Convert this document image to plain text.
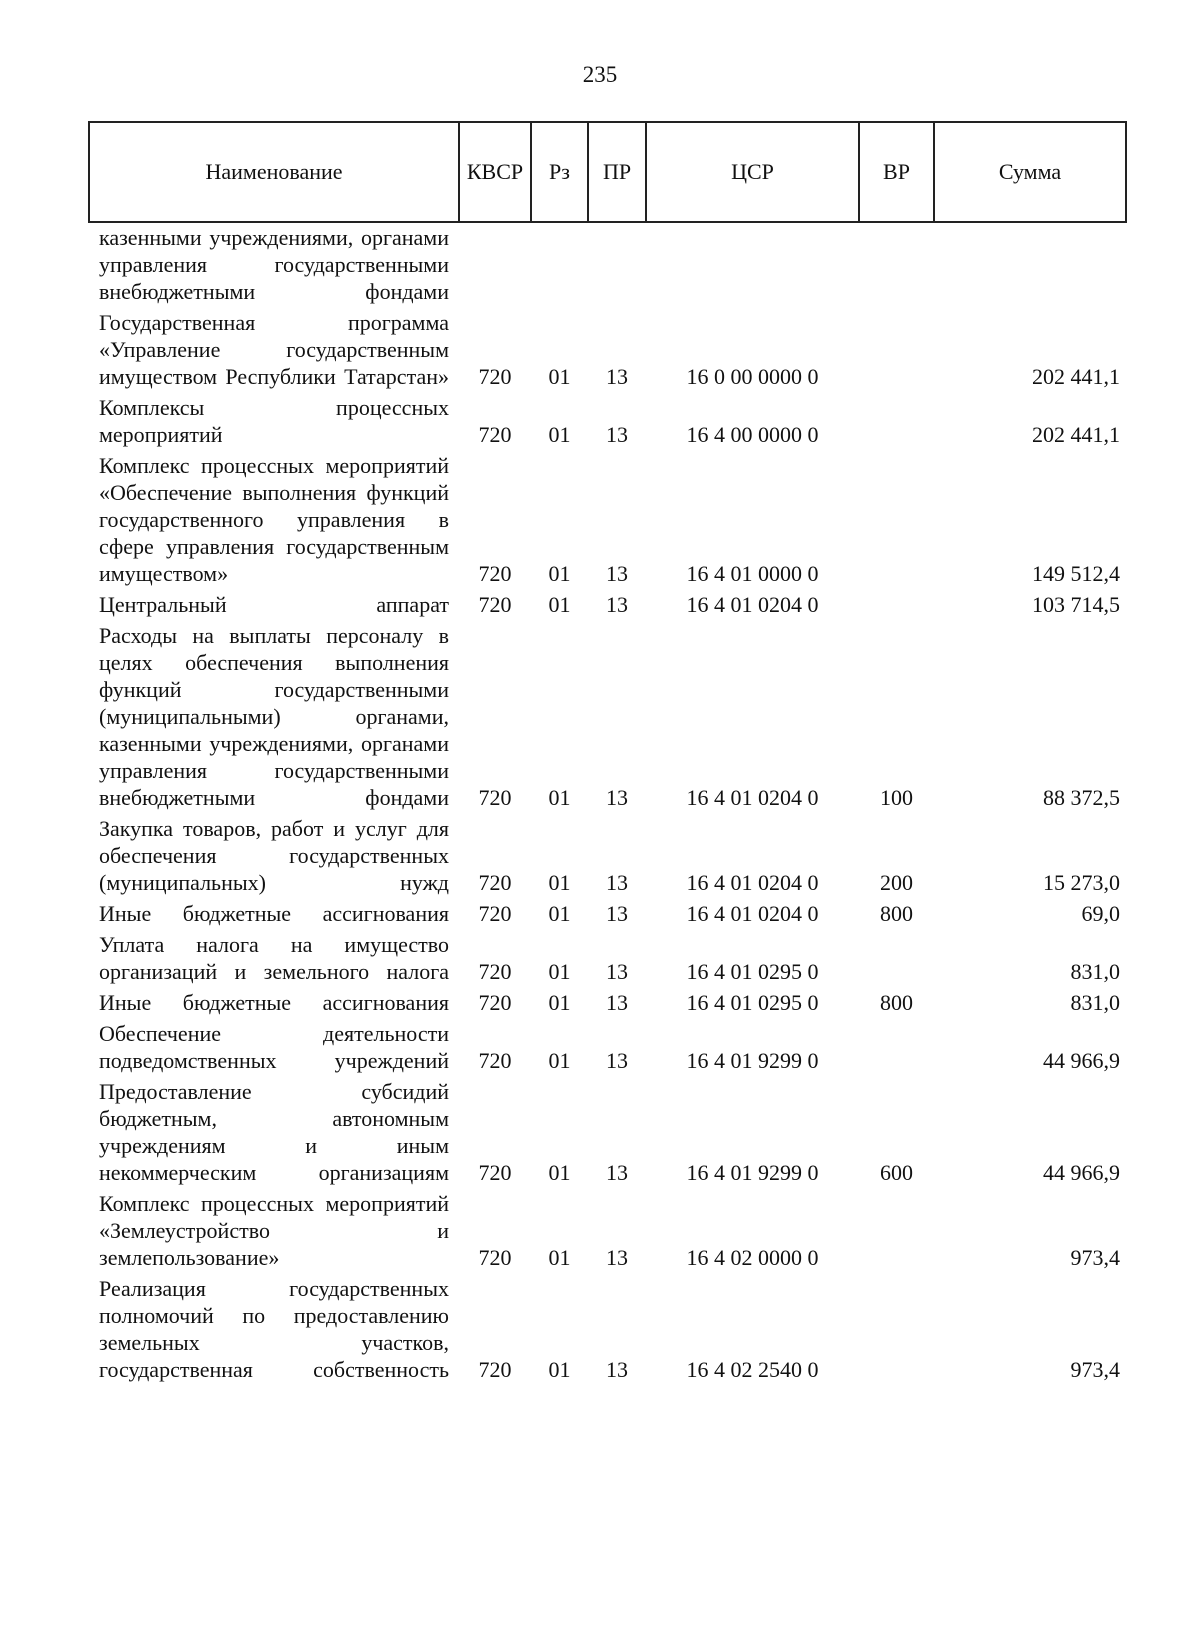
235
Наименование	КВСР	Рз	ПР	ЦСР	ВР	Сумма

казенными учреждениями, органами управления государственными внебюджетными фондами						

Государственная программа «Управление государственным имуществом Республики Татарстан»	720	01	13	16 0 00 0000 0		202 441,1

Комплексы процессных мероприятий	720	01	13	16 4 00 0000 0		202 441,1

Комплекс процессных мероприятий «Обеспечение выполнения функций государственного управления в сфере управления государственным имуществом»	720	01	13	16 4 01 0000 0		149 512,4

Центральный аппарат	720	01	13	16 4 01 0204 0		103 714,5

Расходы на выплаты персоналу в целях обеспечения выполнения функций государственными (муниципальными) органами, казенными учреждениями, органами управления государственными внебюджетными фондами	720	01	13	16 4 01 0204 0	100	88 372,5

Закупка товаров, работ и услуг для обеспечения государственных (муниципальных) нужд	720	01	13	16 4 01 0204 0	200	15 273,0

Иные бюджетные ассигнования	720	01	13	16 4 01 0204 0	800	69,0

Уплата налога на имущество организаций и земельного налога	720	01	13	16 4 01 0295 0		831,0

Иные бюджетные ассигнования	720	01	13	16 4 01 0295 0	800	831,0

Обеспечение деятельности подведомственных учреждений	720	01	13	16 4 01 9299 0		44 966,9

Предоставление субсидий бюджетным, автономным учреждениям и иным некоммерческим организациям	720	01	13	16 4 01 9299 0	600	44 966,9

Комплекс процессных мероприятий «Землеустройство и землепользование»	720	01	13	16 4 02 0000 0		973,4

Реализация государственных полномочий по предоставлению земельных участков, государственная собственность	720	01	13	16 4 02 2540 0		973,4
